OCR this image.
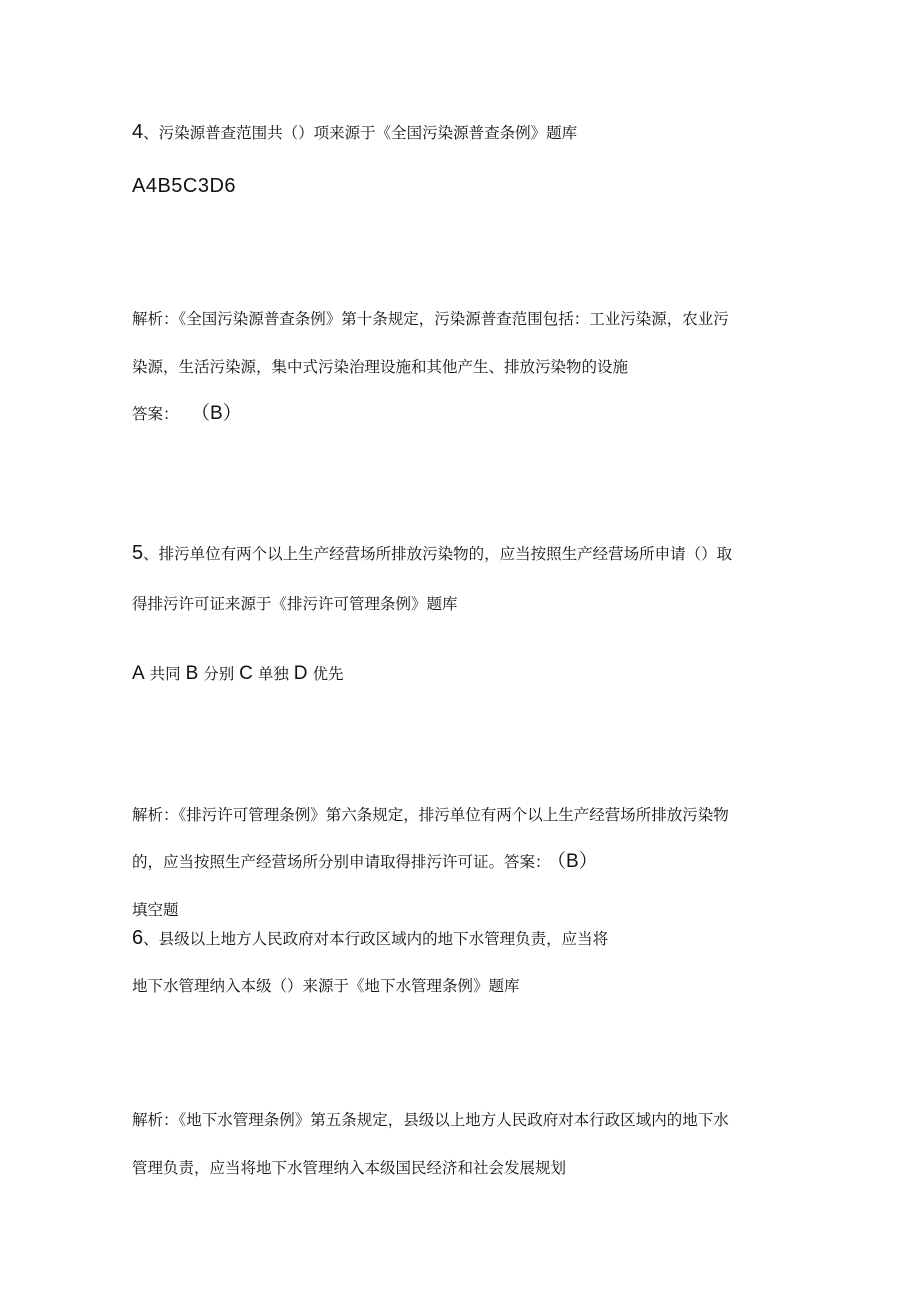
4、污染源普查范围共（）项来源于《全国污染源普查条例》题库
A4B5C3D6
解析：《全国污染源普查条例》第十条规定，污染源普查范围包括：工业污染源，农业污
染源，生活污染源，集中式污染治理设施和其他产生、排放污染物的设施
答案： （B）
5、排污单位有两个以上生产经营场所排放污染物的，应当按照生产经营场所申请（）取
得排污许可证来源于《排污许可管理条例》题库
A 共同 B 分别 C 单独 D 优先
解析：《排污许可管理条例》第六条规定，排污单位有两个以上生产经营场所排放污染物
的，应当按照生产经营场所分别申请取得排污许可证。答案： （B）
填空题
6、县级以上地方人民政府对本行政区域内的地下水管理负责，应当将
地下水管理纳入本级（）来源于《地下水管理条例》题库
解析：《地下水管理条例》第五条规定，县级以上地方人民政府对本行政区域内的地下水
管理负责，应当将地下水管理纳入本级国民经济和社会发展规划
